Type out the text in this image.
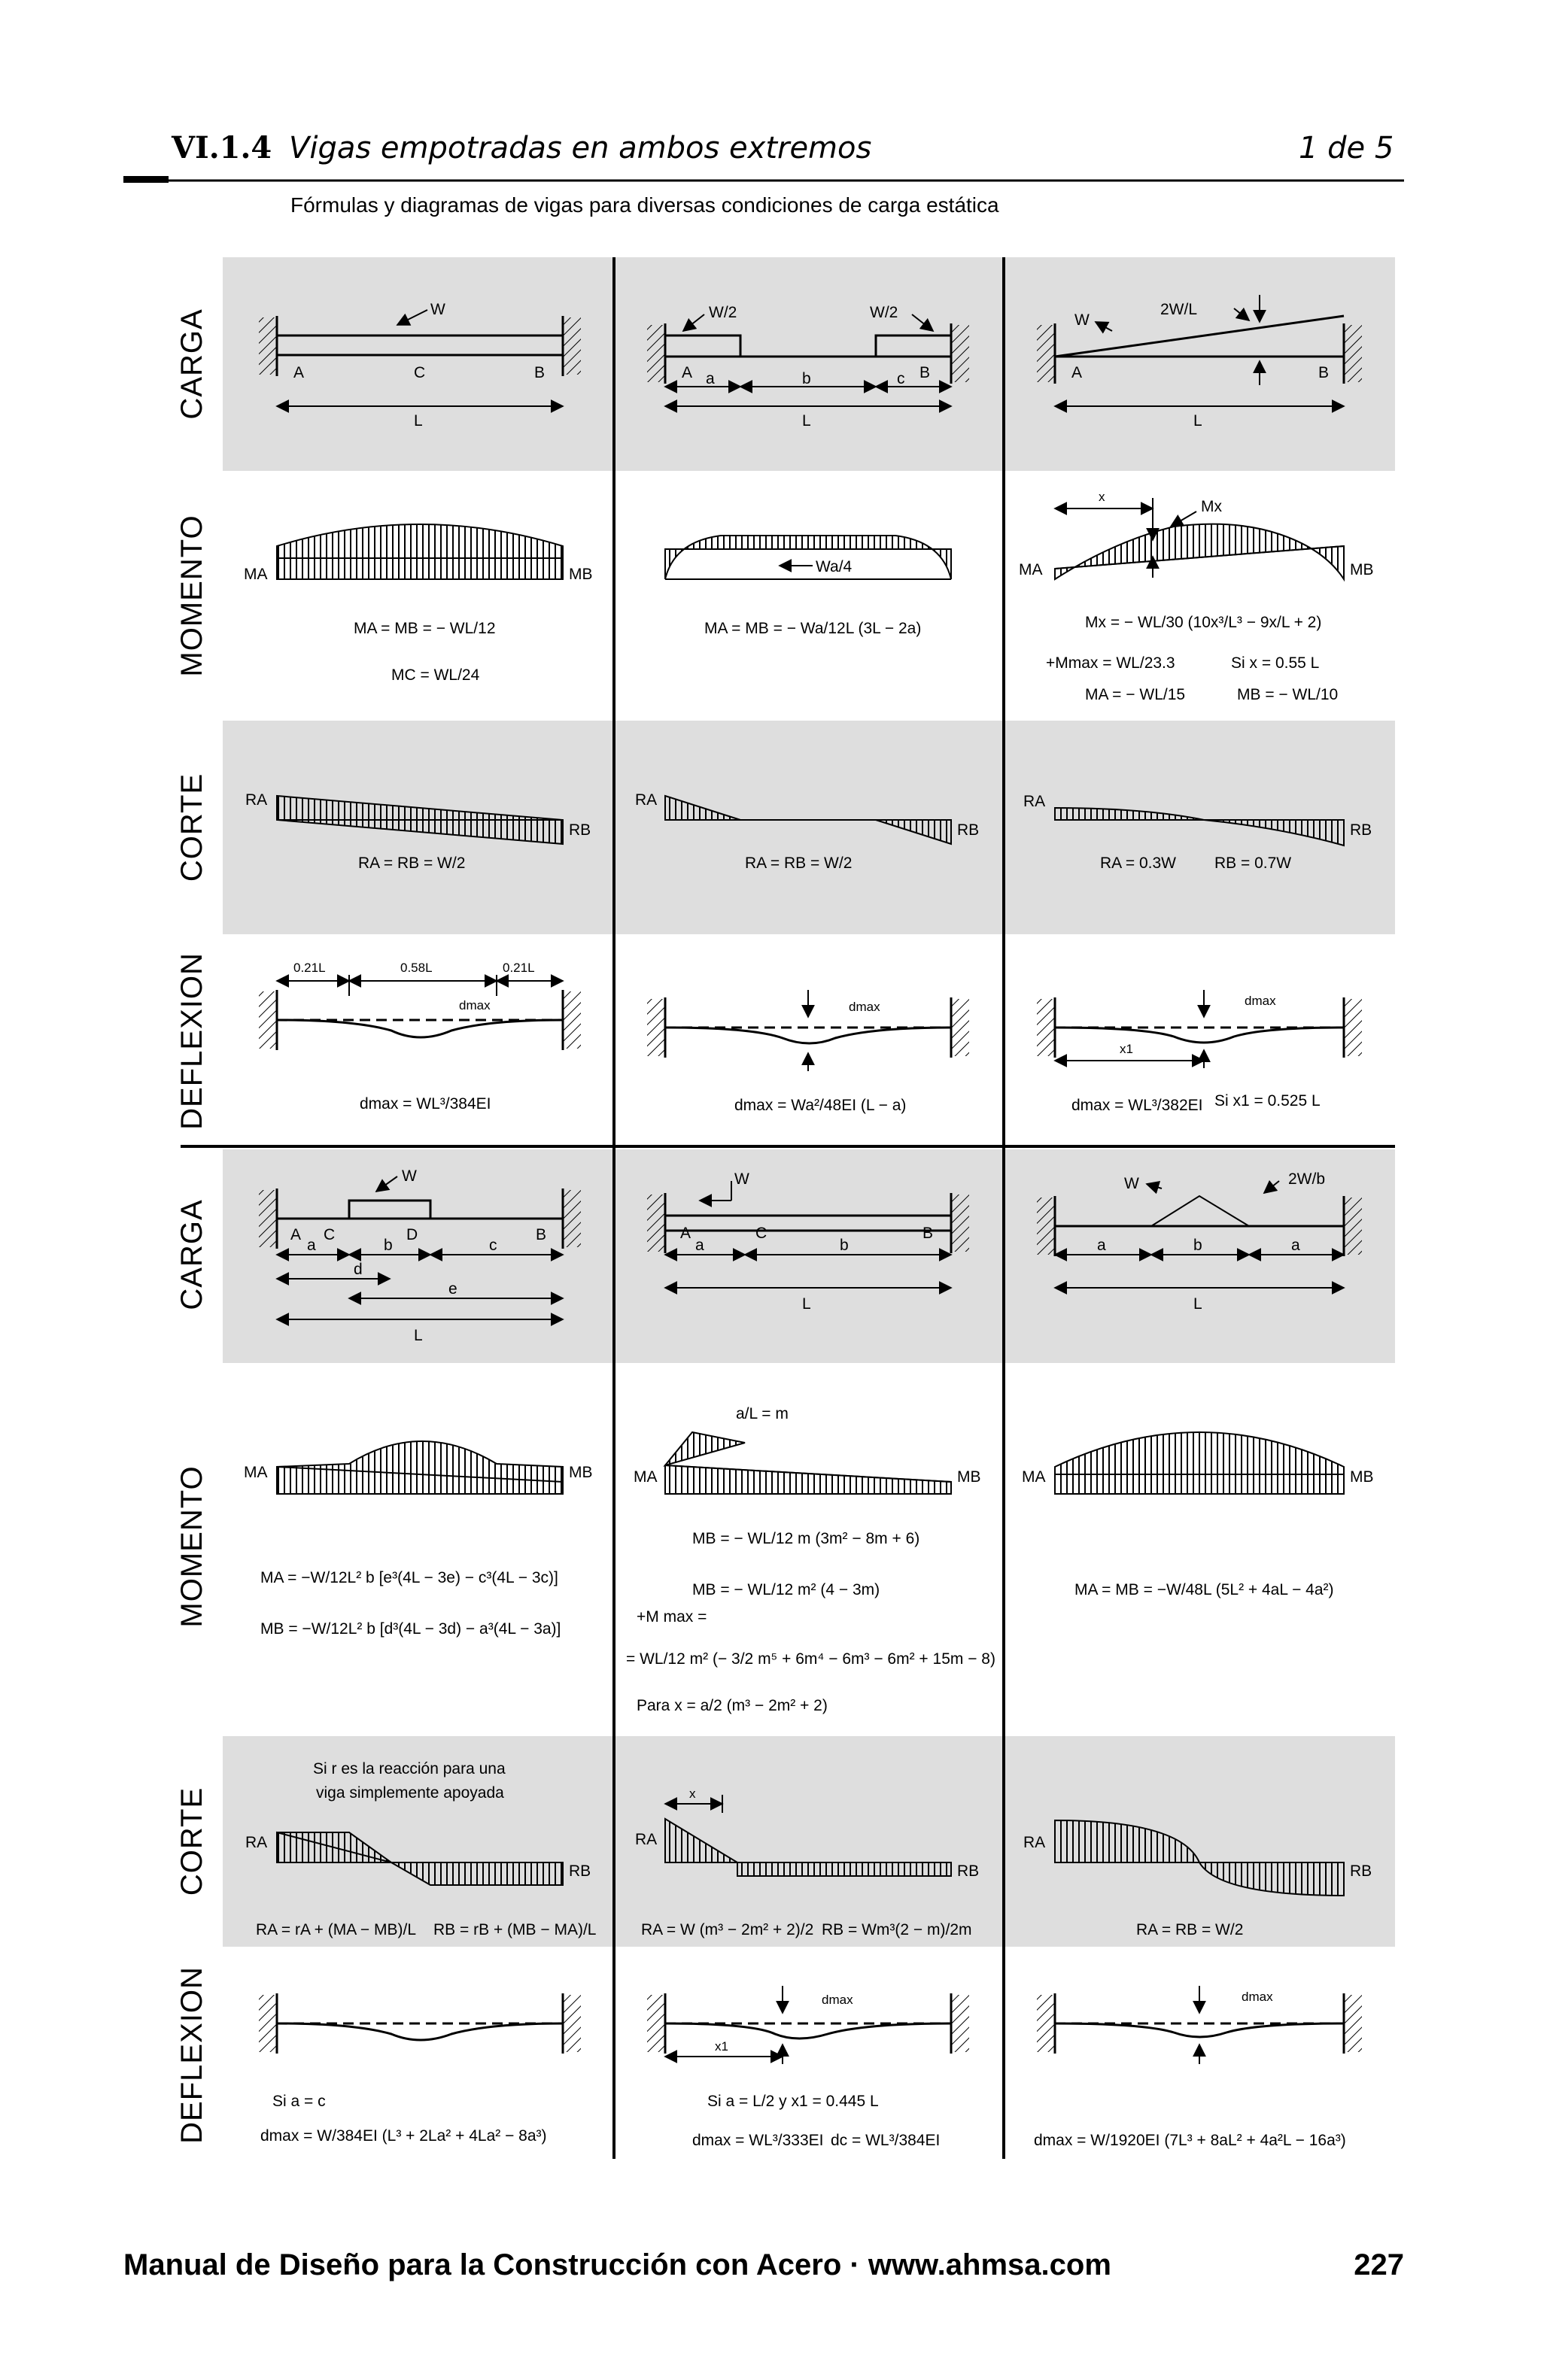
VI.1.4 Vigas empotradas en ambos extremos	1 de 5
Fórmulas y diagramas de vigas para diversas condiciones de carga estática
CARGA
MOMENTO
CORTE
DEFLEXION
CARGA
MOMENTO
CORTE
DEFLEXION
W
A	C	B
L
MA	MB
MA = MB = − WL/12
MC = WL/24
RA
RB
RA = RB = W/2
0.21L	0.58L	0.21L
dmax
dmax = WL³/384EI
W/2	W/2
A	B
a	b	c
L
Wa/4
MA = MB = − Wa/12L (3L − 2a)
RA
RB
RA = RB = W/2
dmax
dmax = Wa²/48EI (L − a)
W
2W/L
A	B
L
x
Mx
MA	MB
Mx = − WL/30 (10x³/L³ − 9x/L + 2)
+Mmax = WL/23.3	Si x = 0.55 L
MA = − WL/15	MB = − WL/10
RA
RB
RA = 0.3W RB = 0.7W
x1
dmax
dmax = WL³/382EI Si x1 = 0.525 L
W
A C	D	B
a	b	c
d
e
L
MA	MB
MA = −W/12L² b [e³(4L − 3e) − c³(4L − 3c)]
MB = −W/12L² b [d³(4L − 3d) − a³(4L − 3a)]
Si r es la reacción para una
viga simplemente apoyada
RA
RB
RA = rA + (MA − MB)/L RB = rB + (MB − MA)/L
Si a = c
dmax = W/384EI (L³ + 2La² + 4La² − 8a³)
W
A	C	B
a	b
L
a/L = m
MA	MB
MB = − WL/12 m (3m² − 8m + 6)
MB = − WL/12 m² (4 − 3m)
+M max =
= WL/12 m² (− 3/2 m⁵ + 6m⁴ − 6m³ − 6m² + 15m − 8)
Para x = a/2 (m³ − 2m² + 2)
x
RA
RB
RA = W (m³ − 2m² + 2)/2 RB = Wm³(2 − m)/2m
x1
dmax
Si a = L/2 y x1 = 0.445 L
dmax = WL³/333EI dc = WL³/384EI
W	2W/b
a	b	a
L
MA	MB
MA = MB = −W/48L (5L² + 4aL − 4a²)
RA
RB
RA = RB = W/2
dmax
dmax = W/1920EI (7L³ + 8aL² + 4a²L − 16a³)
Manual de Diseño para la Construcción con Acero · www.ahmsa.com	227
